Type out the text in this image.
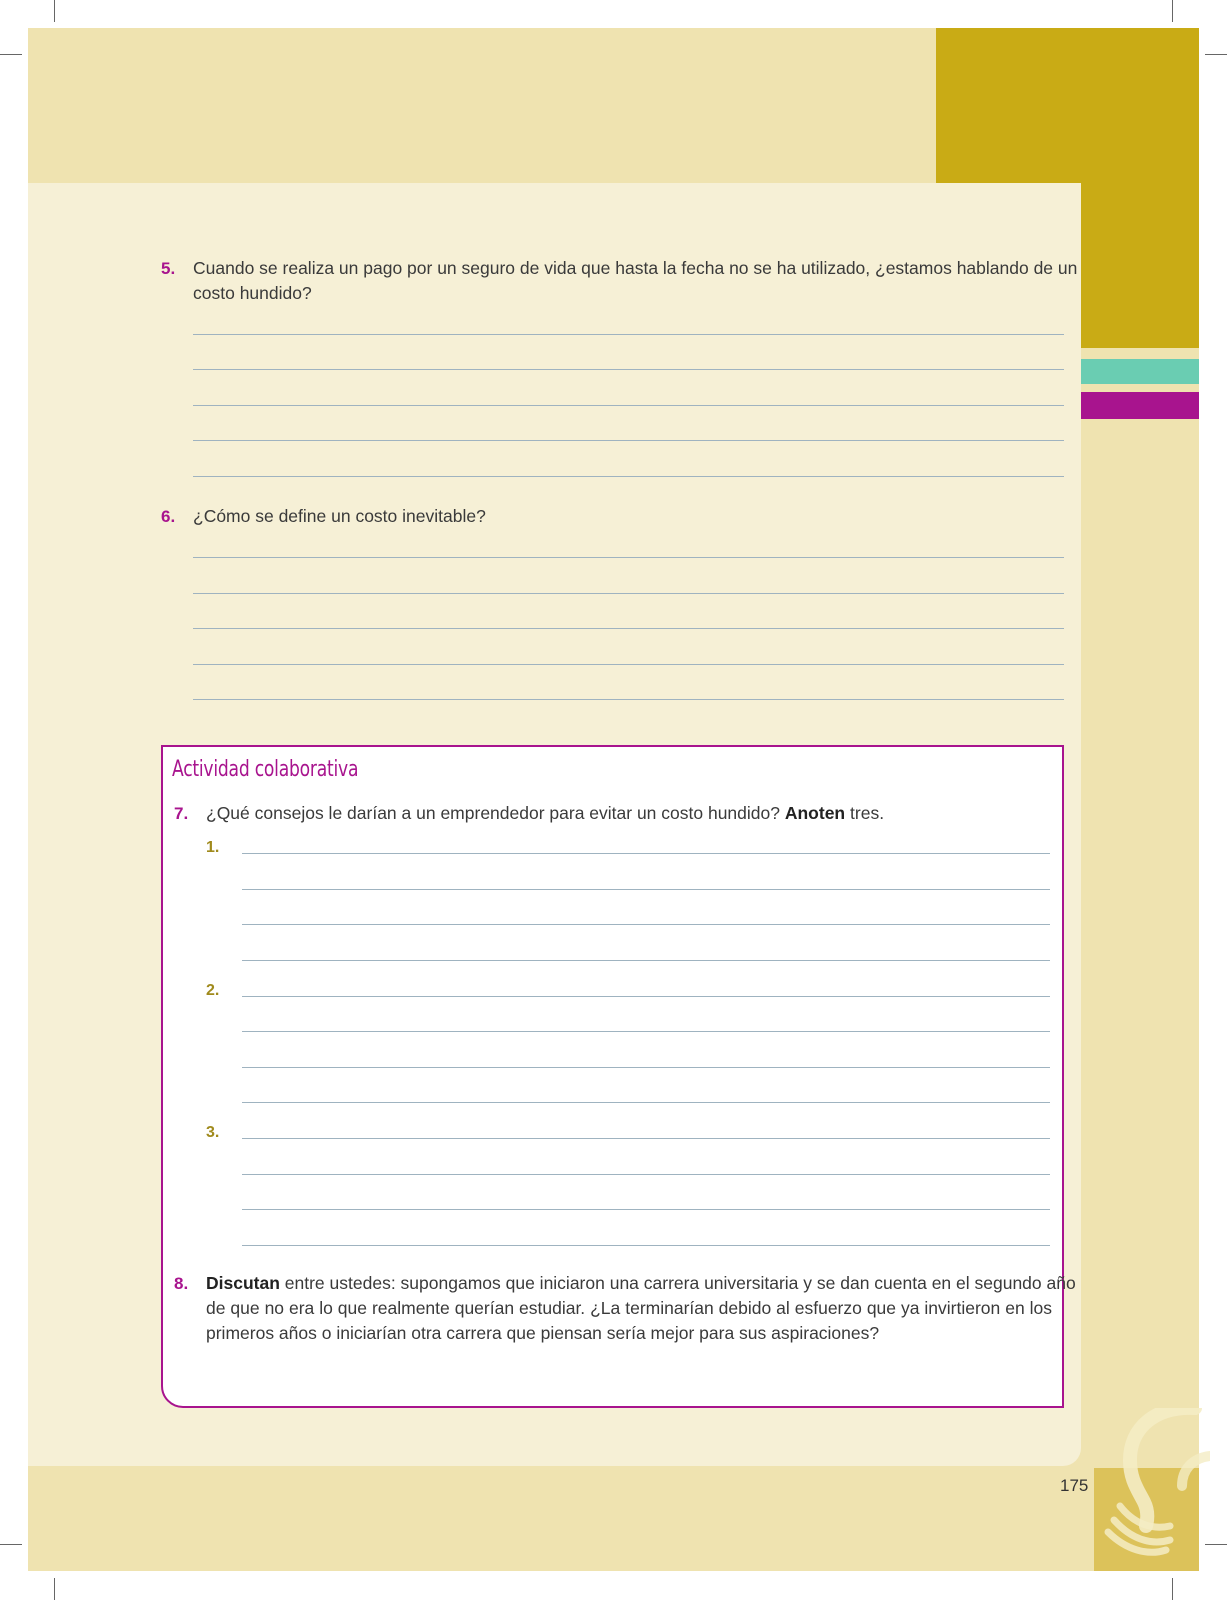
5. Cuando se realiza un pago por un seguro de vida que hasta la fecha no se ha utilizado, ¿estamos hablando de un
costo hundido?
6. ¿Cómo se define un costo inevitable?
Actividad colaborativa
7. ¿Qué consejos le darían a un emprendedor para evitar un costo hundido? Anoten tres.
1.
2.
3.
8. Discutan entre ustedes: supongamos que iniciaron una carrera universitaria y se dan cuenta en el segundo año
de que no era lo que realmente querían estudiar. ¿La terminarían debido al esfuerzo que ya invirtieron en los
primeros años o iniciarían otra carrera que piensan sería mejor para sus aspiraciones?
175
